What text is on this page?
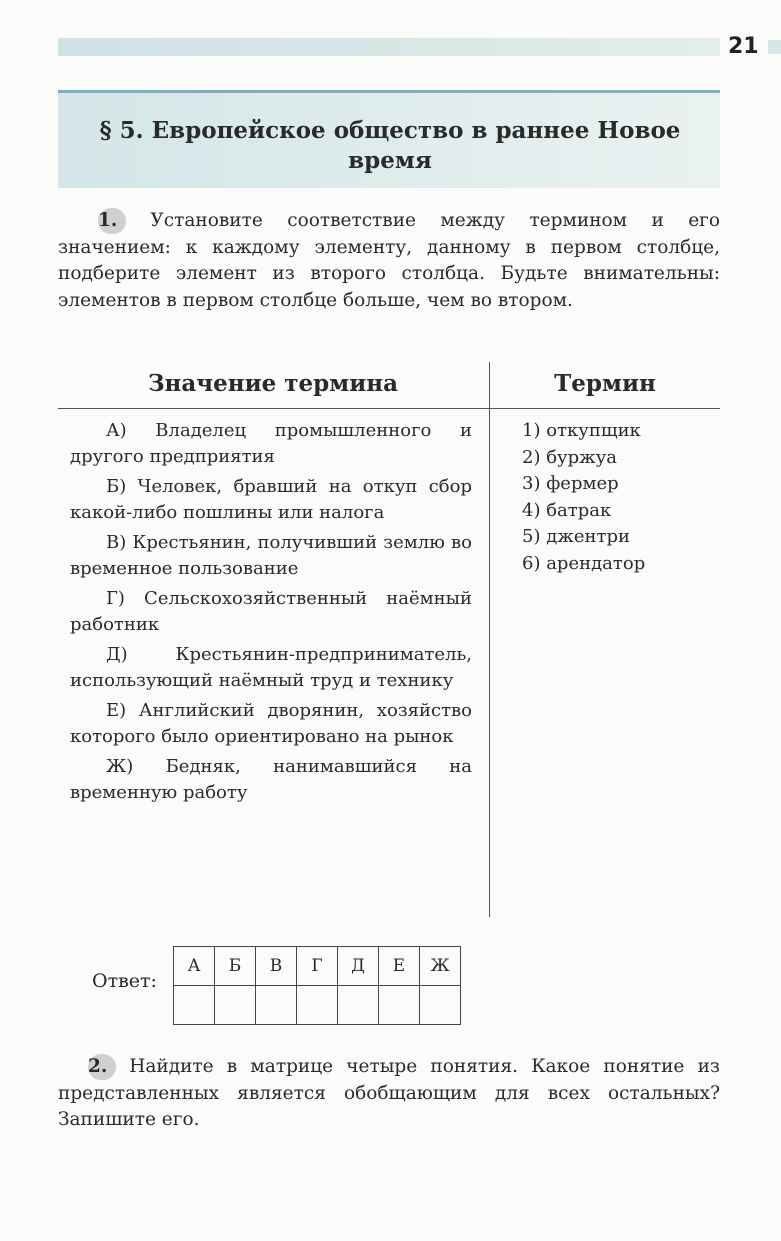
21
§ 5. Европейское общество в раннее Новое время
1. Установите соответствие между термином и его значением: к каждому элементу, данному в первом столбце, подберите элемент из второго столбца. Будьте внимательны: элементов в первом столбце больше, чем во втором.
Значение термина	Термин
А) Владелец промышленного и другого предприятия
Б) Человек, бравший на откуп сбор какой-либо пошлины или налога
В) Крестьянин, получивший землю во временное пользование
Г) Сельскохозяйственный наёмный работник
Д) Крестьянин-предприниматель, использующий наёмный труд и технику
Е) Английский дворянин, хозяйство которого было ориентировано на рынок
Ж) Бедняк, нанимавшийся на временную работу
1) откупщик
2) буржуа
3) фермер
4) батрак
5) джентри
6) арендатор
Ответ:
А	Б	В	Г	Д	Е	Ж

2. Найдите в матрице четыре понятия. Какое понятие из представленных является обобщающим для всех остальных? Запишите его.
